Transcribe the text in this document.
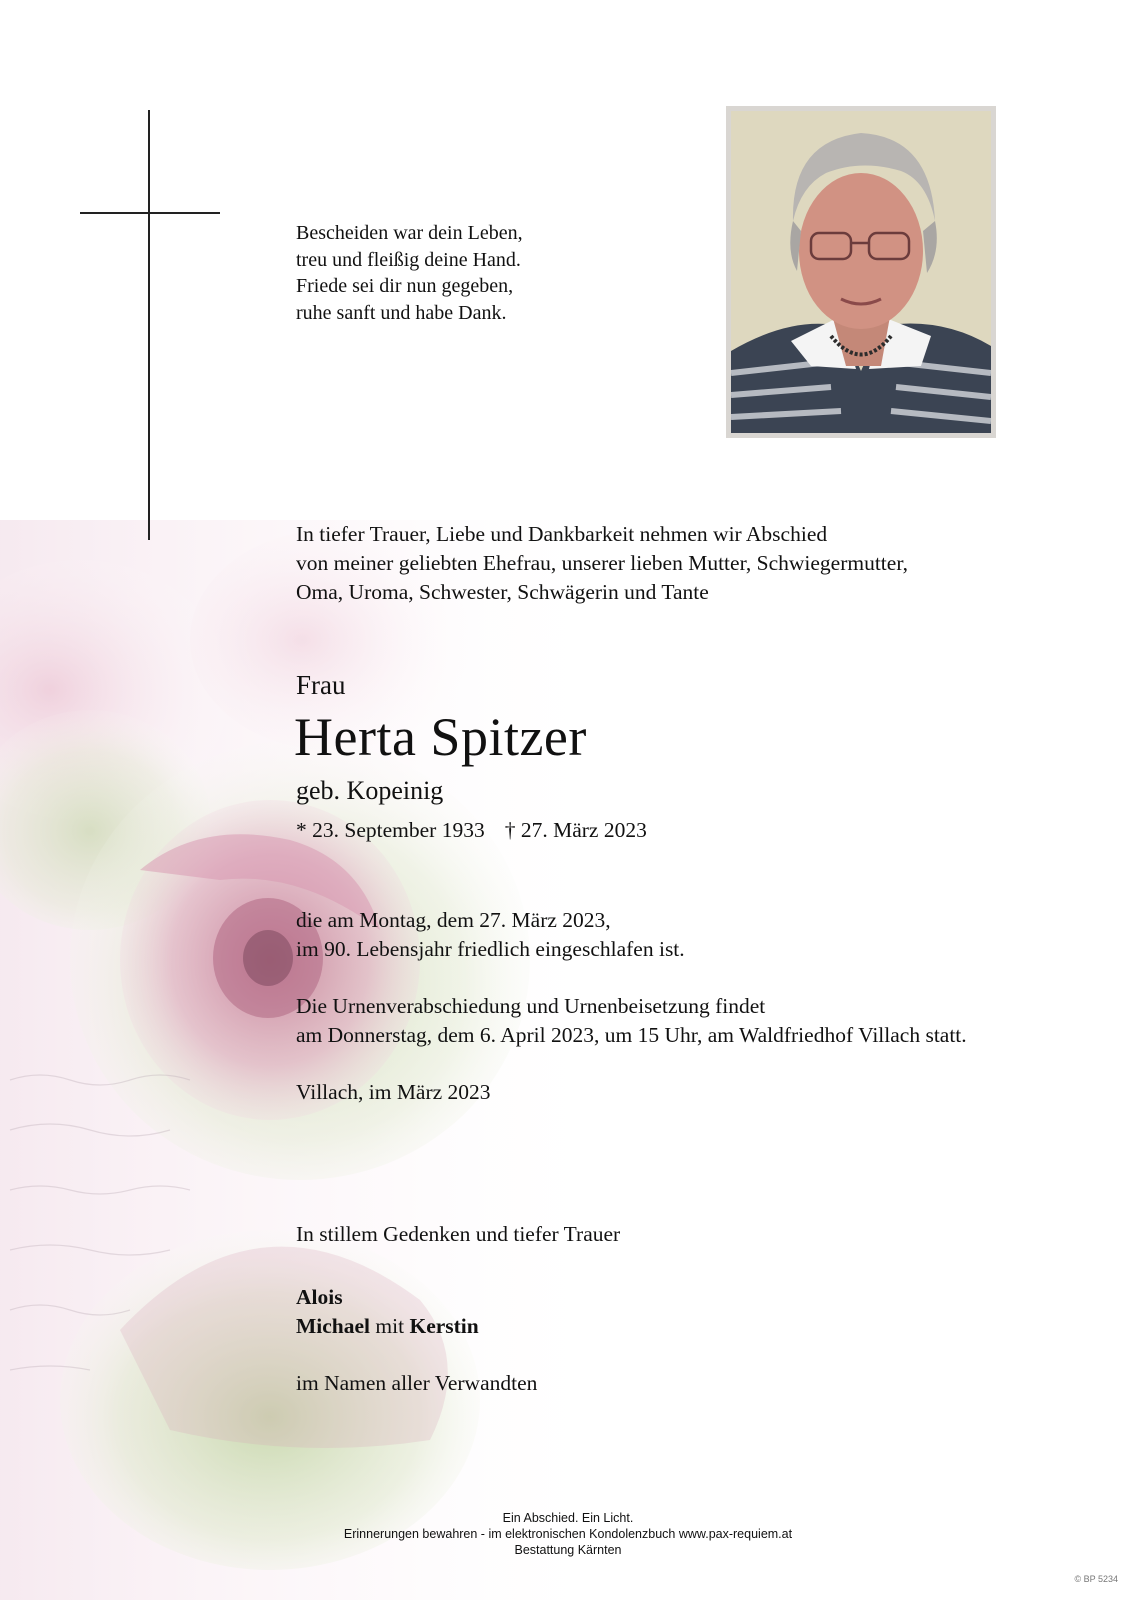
Bescheiden war dein Leben,
treu und fleißig deine Hand.
Friede sei dir nun gegeben,
ruhe sanft und habe Dank.
In tiefer Trauer, Liebe und Dankbarkeit nehmen wir Abschied
von meiner geliebten Ehefrau, unserer lieben Mutter, Schwiegermutter,
Oma, Uroma, Schwester, Schwägerin und Tante
Frau
Herta Spitzer
geb. Kopeinig
* 23. September 1933 † 27. März 2023
die am Montag, dem 27. März 2023,
im 90. Lebensjahr friedlich eingeschlafen ist.
Die Urnenverabschiedung und Urnenbeisetzung findet
am Donnerstag, dem 6. April 2023, um 15 Uhr, am Waldfriedhof Villach statt.
Villach, im März 2023
In stillem Gedenken und tiefer Trauer
Alois
Michael mit Kerstin
im Namen aller Verwandten
Ein Abschied. Ein Licht.
Erinnerungen bewahren - im elektronischen Kondolenzbuch www.pax-requiem.at
Bestattung Kärnten
© BP 5234
